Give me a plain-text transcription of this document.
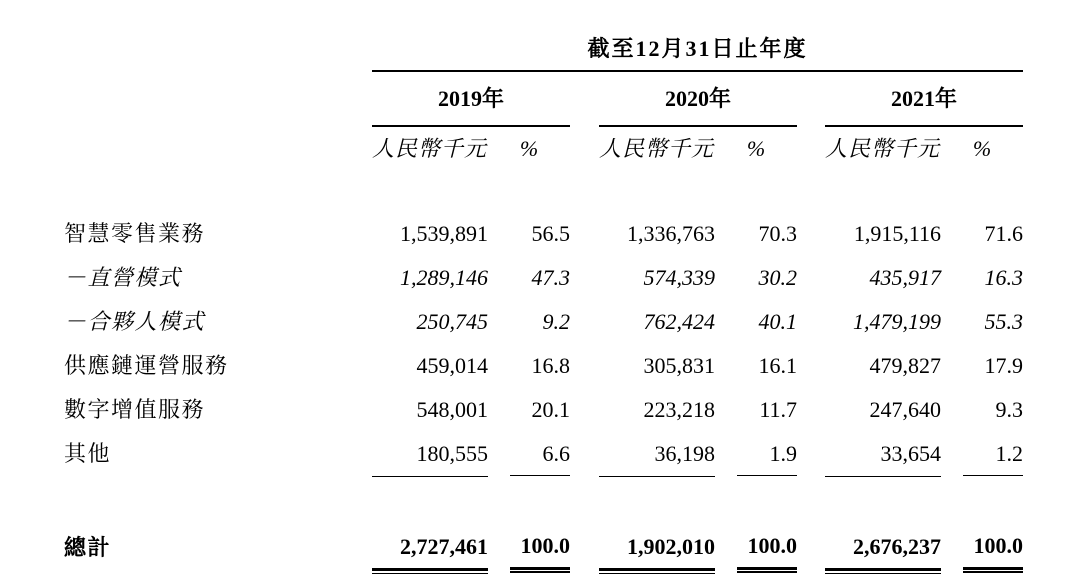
	截至12月31日止年度							
	2019年			2020年			2021年	
	人民幣千元	%		人民幣千元	%		人民幣千元	%

智慧零售業務	1,539,891	56.5		1,336,763	70.3		1,915,116	71.6
－直營模式	1,289,146	47.3		574,339	30.2		435,917	16.3
－合夥人模式	250,745	9.2		762,424	40.1		1,479,199	55.3
供應鏈運營服務	459,014	16.8		305,831	16.1		479,827	17.9
數字增值服務	548,001	20.1		223,218	11.7		247,640	9.3
其他	180,555	6.6		36,198	1.9		33,654	1.2

總計	2,727,461	100.0		1,902,010	100.0		2,676,237	100.0
